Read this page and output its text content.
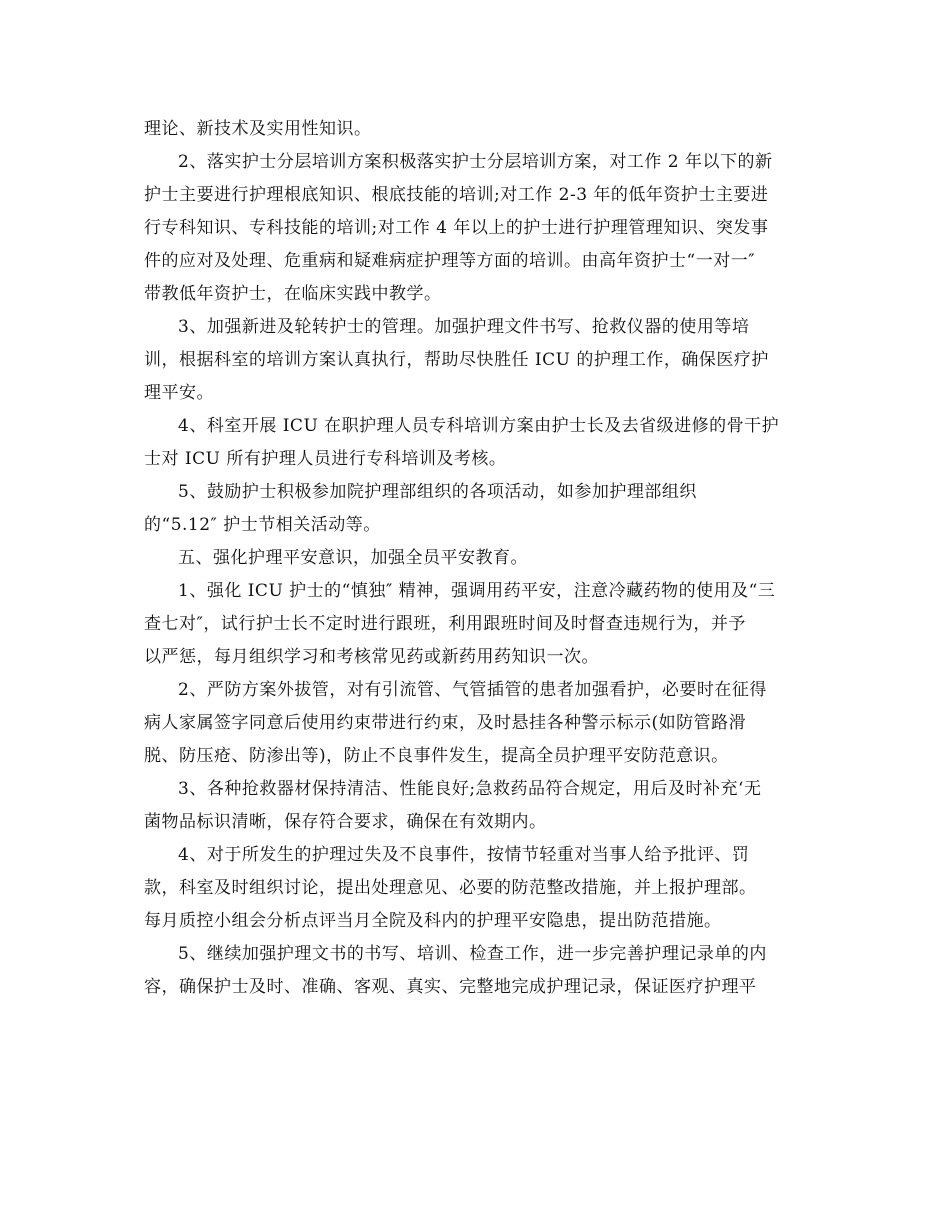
理论、新技术及实用性知识。
2、落实护士分层培训方案积极落实护士分层培训方案，对工作 2 年以下的新
护士主要进行护理根底知识、根底技能的培训;对工作 2-3 年的低年资护士主要进
行专科知识、专科技能的培训;对工作 4 年以上的护士进行护理管理知识、突发事
件的应对及处理、危重病和疑难病症护理等方面的培训。由高年资护士“一对一″
带教低年资护士，在临床实践中教学。
3、加强新进及轮转护士的管理。加强护理文件书写、抢救仪器的使用等培
训，根据科室的培训方案认真执行，帮助尽快胜任 ICU 的护理工作，确保医疗护
理平安。
4、科室开展 ICU 在职护理人员专科培训方案由护士长及去省级进修的骨干护
士对 ICU 所有护理人员进行专科培训及考核。
5、鼓励护士积极参加院护理部组织的各项活动，如参加护理部组织
的“5.12″ 护士节相关活动等。
五、强化护理平安意识，加强全员平安教育。
1、强化 ICU 护士的“慎独″ 精神，强调用药平安，注意冷藏药物的使用及“三
查七对″，试行护士长不定时进行跟班，利用跟班时间及时督查违规行为，并予
以严惩，每月组织学习和考核常见药或新药用药知识一次。
2、严防方案外拔管，对有引流管、气管插管的患者加强看护，必要时在征得
病人家属签字同意后使用约束带进行约束，及时悬挂各种警示标示(如防管路滑
脱、防压疮、防渗出等)，防止不良事件发生，提高全员护理平安防范意识。
3、各种抢救器材保持清洁、性能良好;急救药品符合规定，用后及时补充‘无
菌物品标识清晰，保存符合要求，确保在有效期内。
4、对于所发生的护理过失及不良事件，按情节轻重对当事人给予批评、罚
款，科室及时组织讨论，提出处理意见、必要的防范整改措施，并上报护理部。
每月质控小组会分析点评当月全院及科内的护理平安隐患，提出防范措施。
5、继续加强护理文书的书写、培训、检查工作，进一步完善护理记录单的内
容，确保护士及时、准确、客观、真实、完整地完成护理记录，保证医疗护理平
